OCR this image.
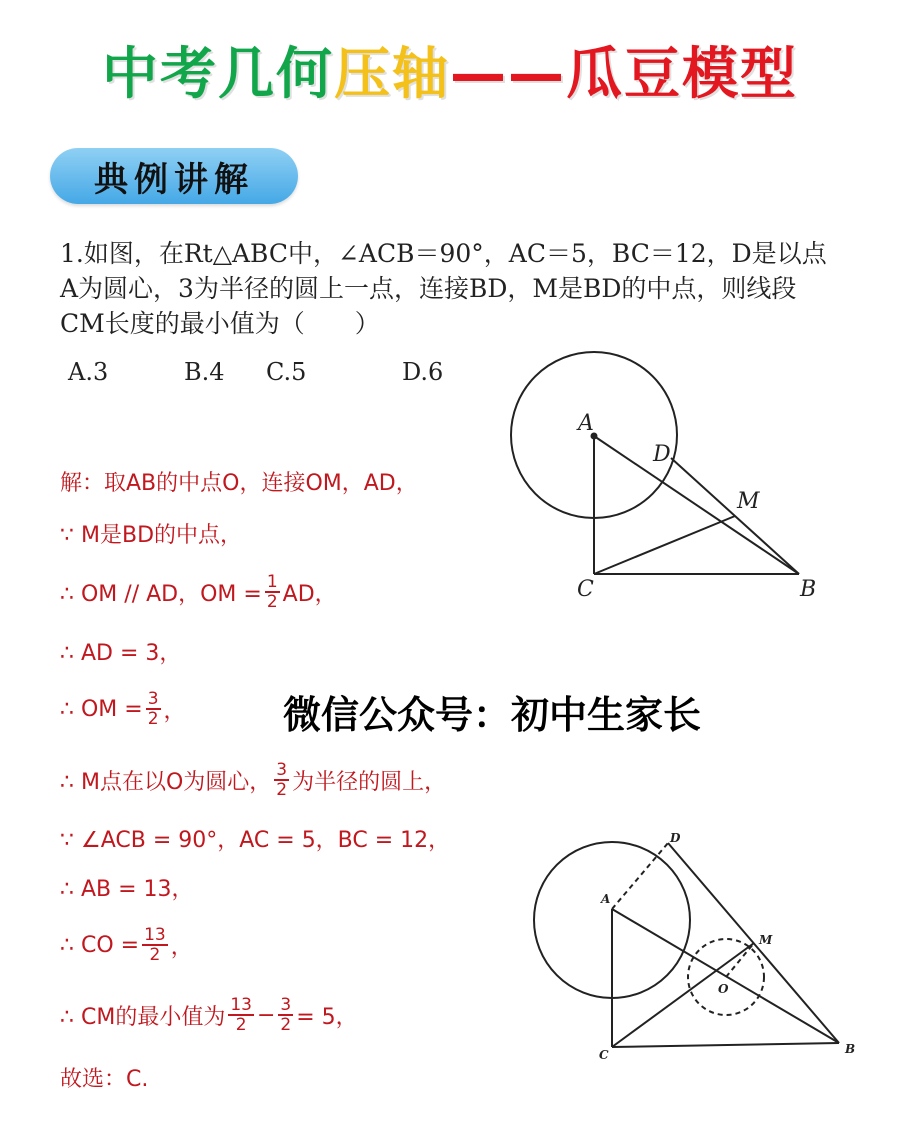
中考几何压轴——瓜豆模型
典例讲解

1.如图，在Rt△ABC中，∠ACB＝90°，AC＝5，BC＝12，D是以点

A为圆心，3为半径的圆上一点，连接BD，M是BD的中点，则线段

CM长度的最小值为（　　）

A.3	B.4 C.5	D.6
A
D
M
C	B
A
D
M
O
C	B
解：取AB的中点O，连接OM，AD，
∵ M是BD的中点，
∴ OM // AD，OM = $\frac{1}{2}$ AD，
∴ AD = 3，
∴ OM = $\frac{3}{2}$ ，
∴ M点在以O为圆心， $\frac{3}{2}$ 为半径的圆上，
∵ ∠ACB = 90°，AC = 5，BC = 12，
∴ AB = 13，
∴ CO = $\frac{13}{2}$ ，
∴ CM的最小值为 $\frac{13}{2} - \frac{3}{2} = 5$，
故选：C.
微信公众号：初中生家长
